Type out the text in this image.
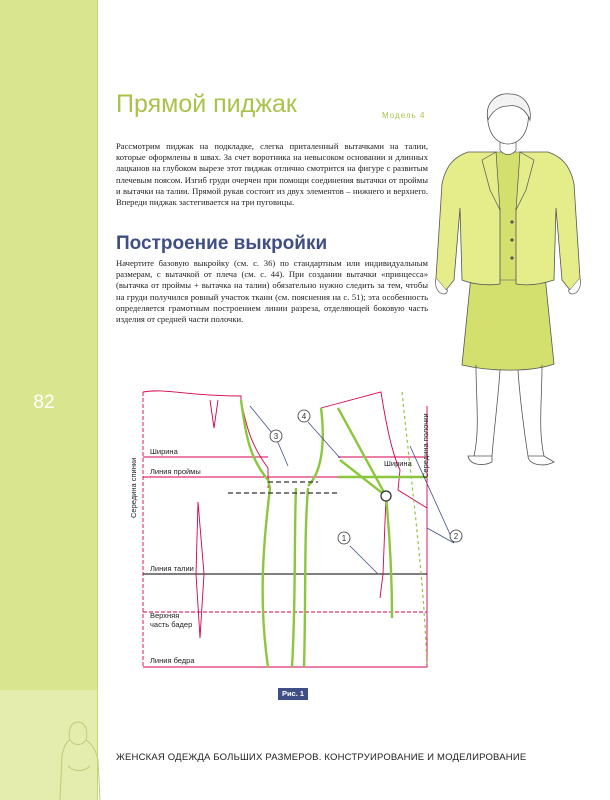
82
Прямой пиджак	Модель 4

Рассмотрим пиджак на подкладке, слегка приталенный вытачками на талии, которые оформлены в швах. За счет воротника на невысоком основании и длинных лацканов на глубоком вырезе этот пиджак отлично смотрится на фигуре с развитым плечевым поясом. Изгиб груди очерчен при помощи соединения вытачки от проймы и вытачки на талии. Прямой рукав состоит из двух элементов – нижнего и верхнего. Впереди пиджак застегивается на три пуговицы.

Построение выкройки

Начертите базовую выкройку (см. с. 36) по стандартным или индивидуальным размерам, с вытачкой от плеча (см. с. 44). При создании вытачки «принцесса» (вытачка от проймы + вытачка на талии) обязательно нужно следить за тем, чтобы на груди получился ровный участок ткани (см. пояснения на с. 51); эта особенность определяется грамотным построением линии разреза, отделяющей боковую часть изделия от средней части полочки.

3
4
1	2
Ширина
Линия проймы
Линия талии
Верхняя
часть бадер
Линия бедра
Ширина
Середина спинки
Середина полочки
Рис. 1
ЖЕНСКАЯ ОДЕЖДА БОЛЬШИХ РАЗМЕРОВ. КОНСТРУИРОВАНИЕ И МОДЕЛИРОВАНИЕ
